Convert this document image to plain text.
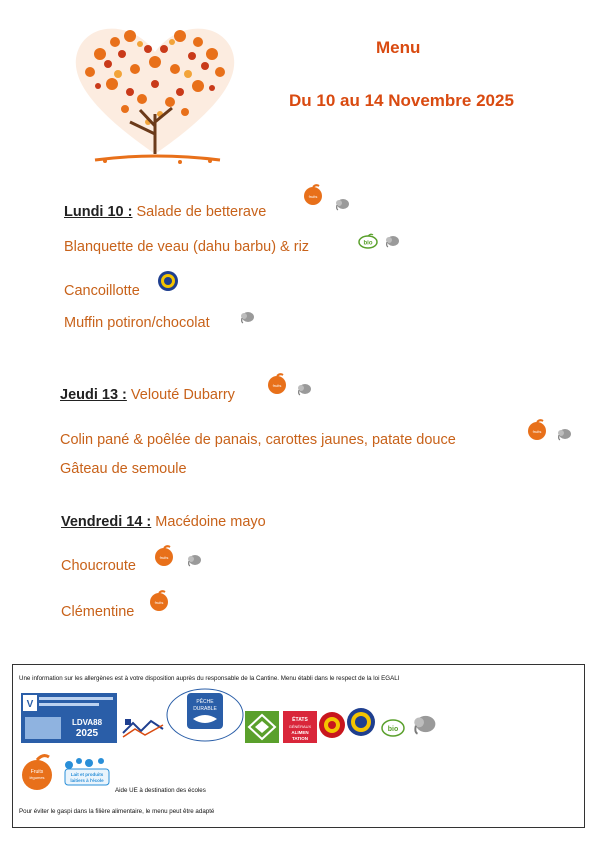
Menu
Du 10 au 14 Novembre 2025
Lundi 10 : Salade de betterave
fruits
Blanquette de veau (dahu barbu) & riz	bio
Cancoillotte
Muffin potiron/chocolat
Jeudi 13 : Velouté Dubarry
fruits
Colin pané & poêlée de panais, carottes jaunes, patate douce
fruits
Gâteau de semoule
Vendredi 14 : Macédoine mayo
Choucroute
fruits
Clémentine
fruits
Une information sur les allergènes est à votre disposition auprès du responsable de la Cantine. Menu établi dans le respect de la loi EGALI
V
LDVA88
2025
PÊCHE
DURABLE
ÉTATS
GÉNÉRAUX
ALIMEN
TATION
bio
Fruits
légumes
Lait et produits
laitiers à l'école
Aide UE à destination des écoles
Pour éviter le gaspi dans la filière alimentaire, le menu peut être adapté
